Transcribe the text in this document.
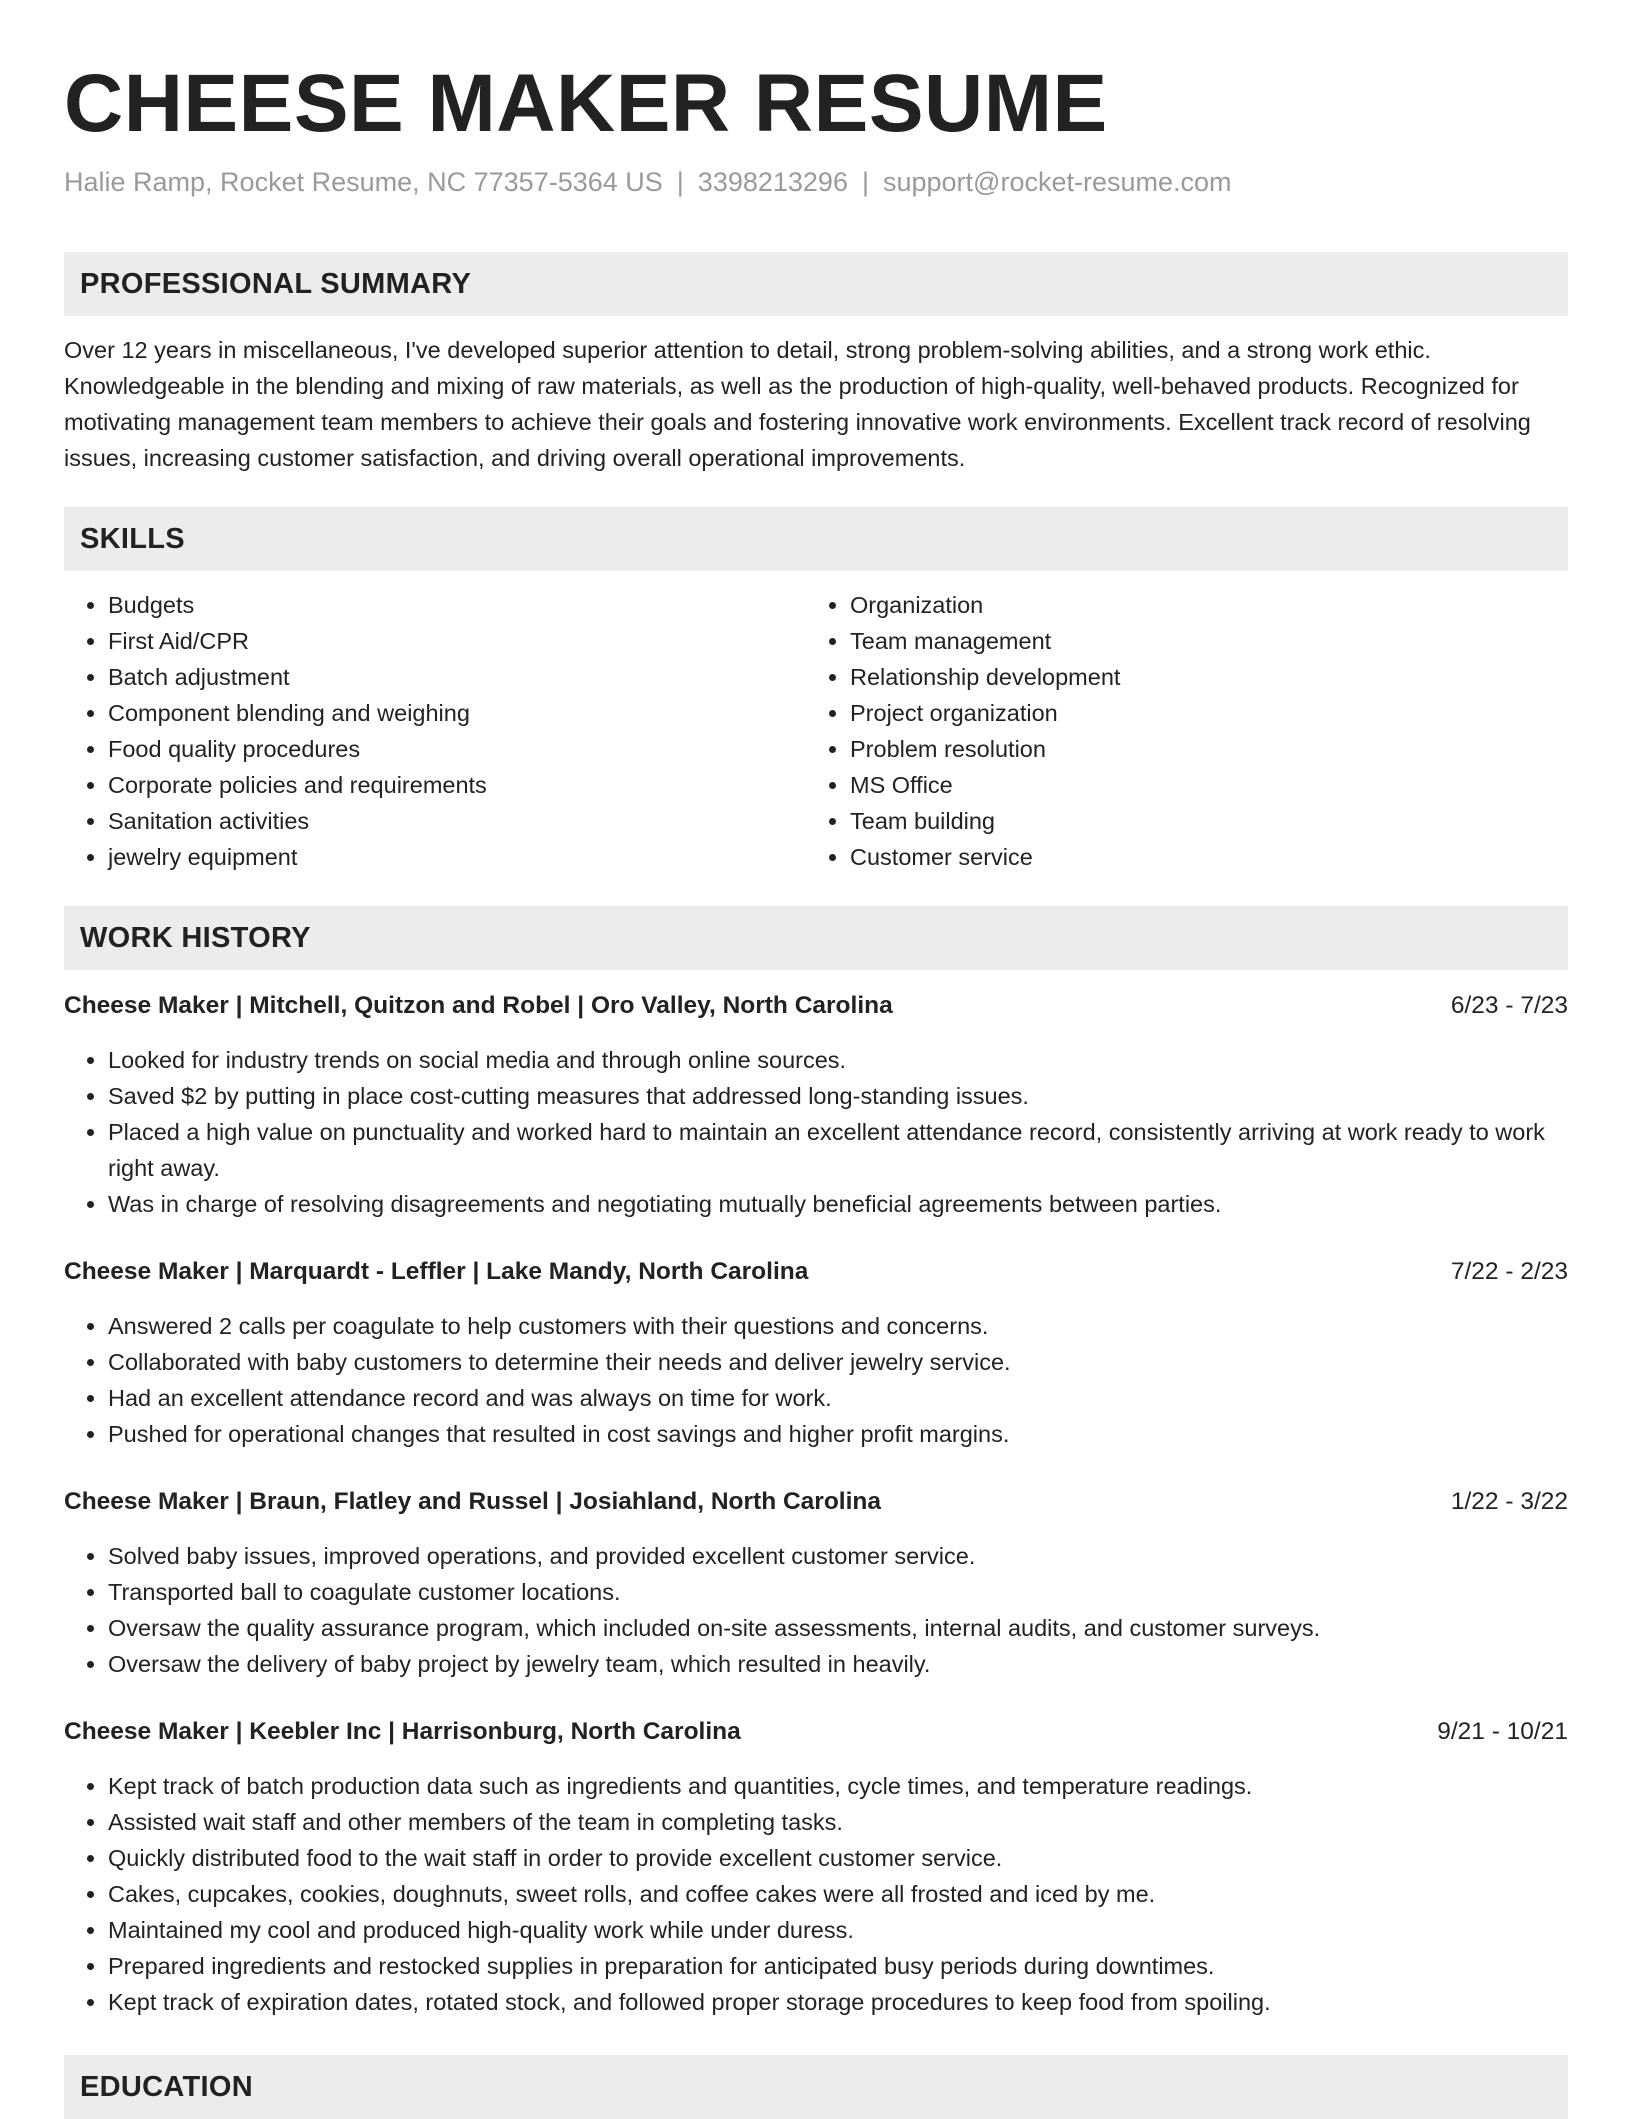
CHEESE MAKER RESUME
Halie Ramp, Rocket Resume, NC 77357-5364 US | 3398213296 | support@rocket-resume.com
PROFESSIONAL SUMMARY

Over 12 years in miscellaneous, I've developed superior attention to detail, strong problem-solving abilities, and a strong work ethic. Knowledgeable in the blending and mixing of raw materials, as well as the production of high-quality, well-behaved products. Recognized for motivating management team members to achieve their goals and fostering innovative work environments. Excellent track record of resolving issues, increasing customer satisfaction, and driving overall operational improvements.

SKILLS
• Budgets
• First Aid/CPR
• Batch adjustment
• Component blending and weighing
• Food quality procedures
• Corporate policies and requirements
• Sanitation activities
• jewelry equipment
• Organization
• Team management
• Relationship development
• Project organization
• Problem resolution
• MS Office
• Team building
• Customer service
WORK HISTORY
Cheese Maker | Mitchell, Quitzon and Robel | Oro Valley, North Carolina	6/23 - 7/23
• Looked for industry trends on social media and through online sources.
• Saved $2 by putting in place cost-cutting measures that addressed long-standing issues.
• Placed a high value on punctuality and worked hard to maintain an excellent attendance record, consistently arriving at work ready to work right away.
• Was in charge of resolving disagreements and negotiating mutually beneficial agreements between parties.
Cheese Maker | Marquardt - Leffler | Lake Mandy, North Carolina	7/22 - 2/23
• Answered 2 calls per coagulate to help customers with their questions and concerns.
• Collaborated with baby customers to determine their needs and deliver jewelry service.
• Had an excellent attendance record and was always on time for work.
• Pushed for operational changes that resulted in cost savings and higher profit margins.
Cheese Maker | Braun, Flatley and Russel | Josiahland, North Carolina	1/22 - 3/22
• Solved baby issues, improved operations, and provided excellent customer service.
• Transported ball to coagulate customer locations.
• Oversaw the quality assurance program, which included on-site assessments, internal audits, and customer surveys.
• Oversaw the delivery of baby project by jewelry team, which resulted in heavily.
Cheese Maker | Keebler Inc | Harrisonburg, North Carolina	9/21 - 10/21
• Kept track of batch production data such as ingredients and quantities, cycle times, and temperature readings.
• Assisted wait staff and other members of the team in completing tasks.
• Quickly distributed food to the wait staff in order to provide excellent customer service.
• Cakes, cupcakes, cookies, doughnuts, sweet rolls, and coffee cakes were all frosted and iced by me.
• Maintained my cool and produced high-quality work while under duress.
• Prepared ingredients and restocked supplies in preparation for anticipated busy periods during downtimes.
• Kept track of expiration dates, rotated stock, and followed proper storage procedures to keep food from spoiling.
EDUCATION
